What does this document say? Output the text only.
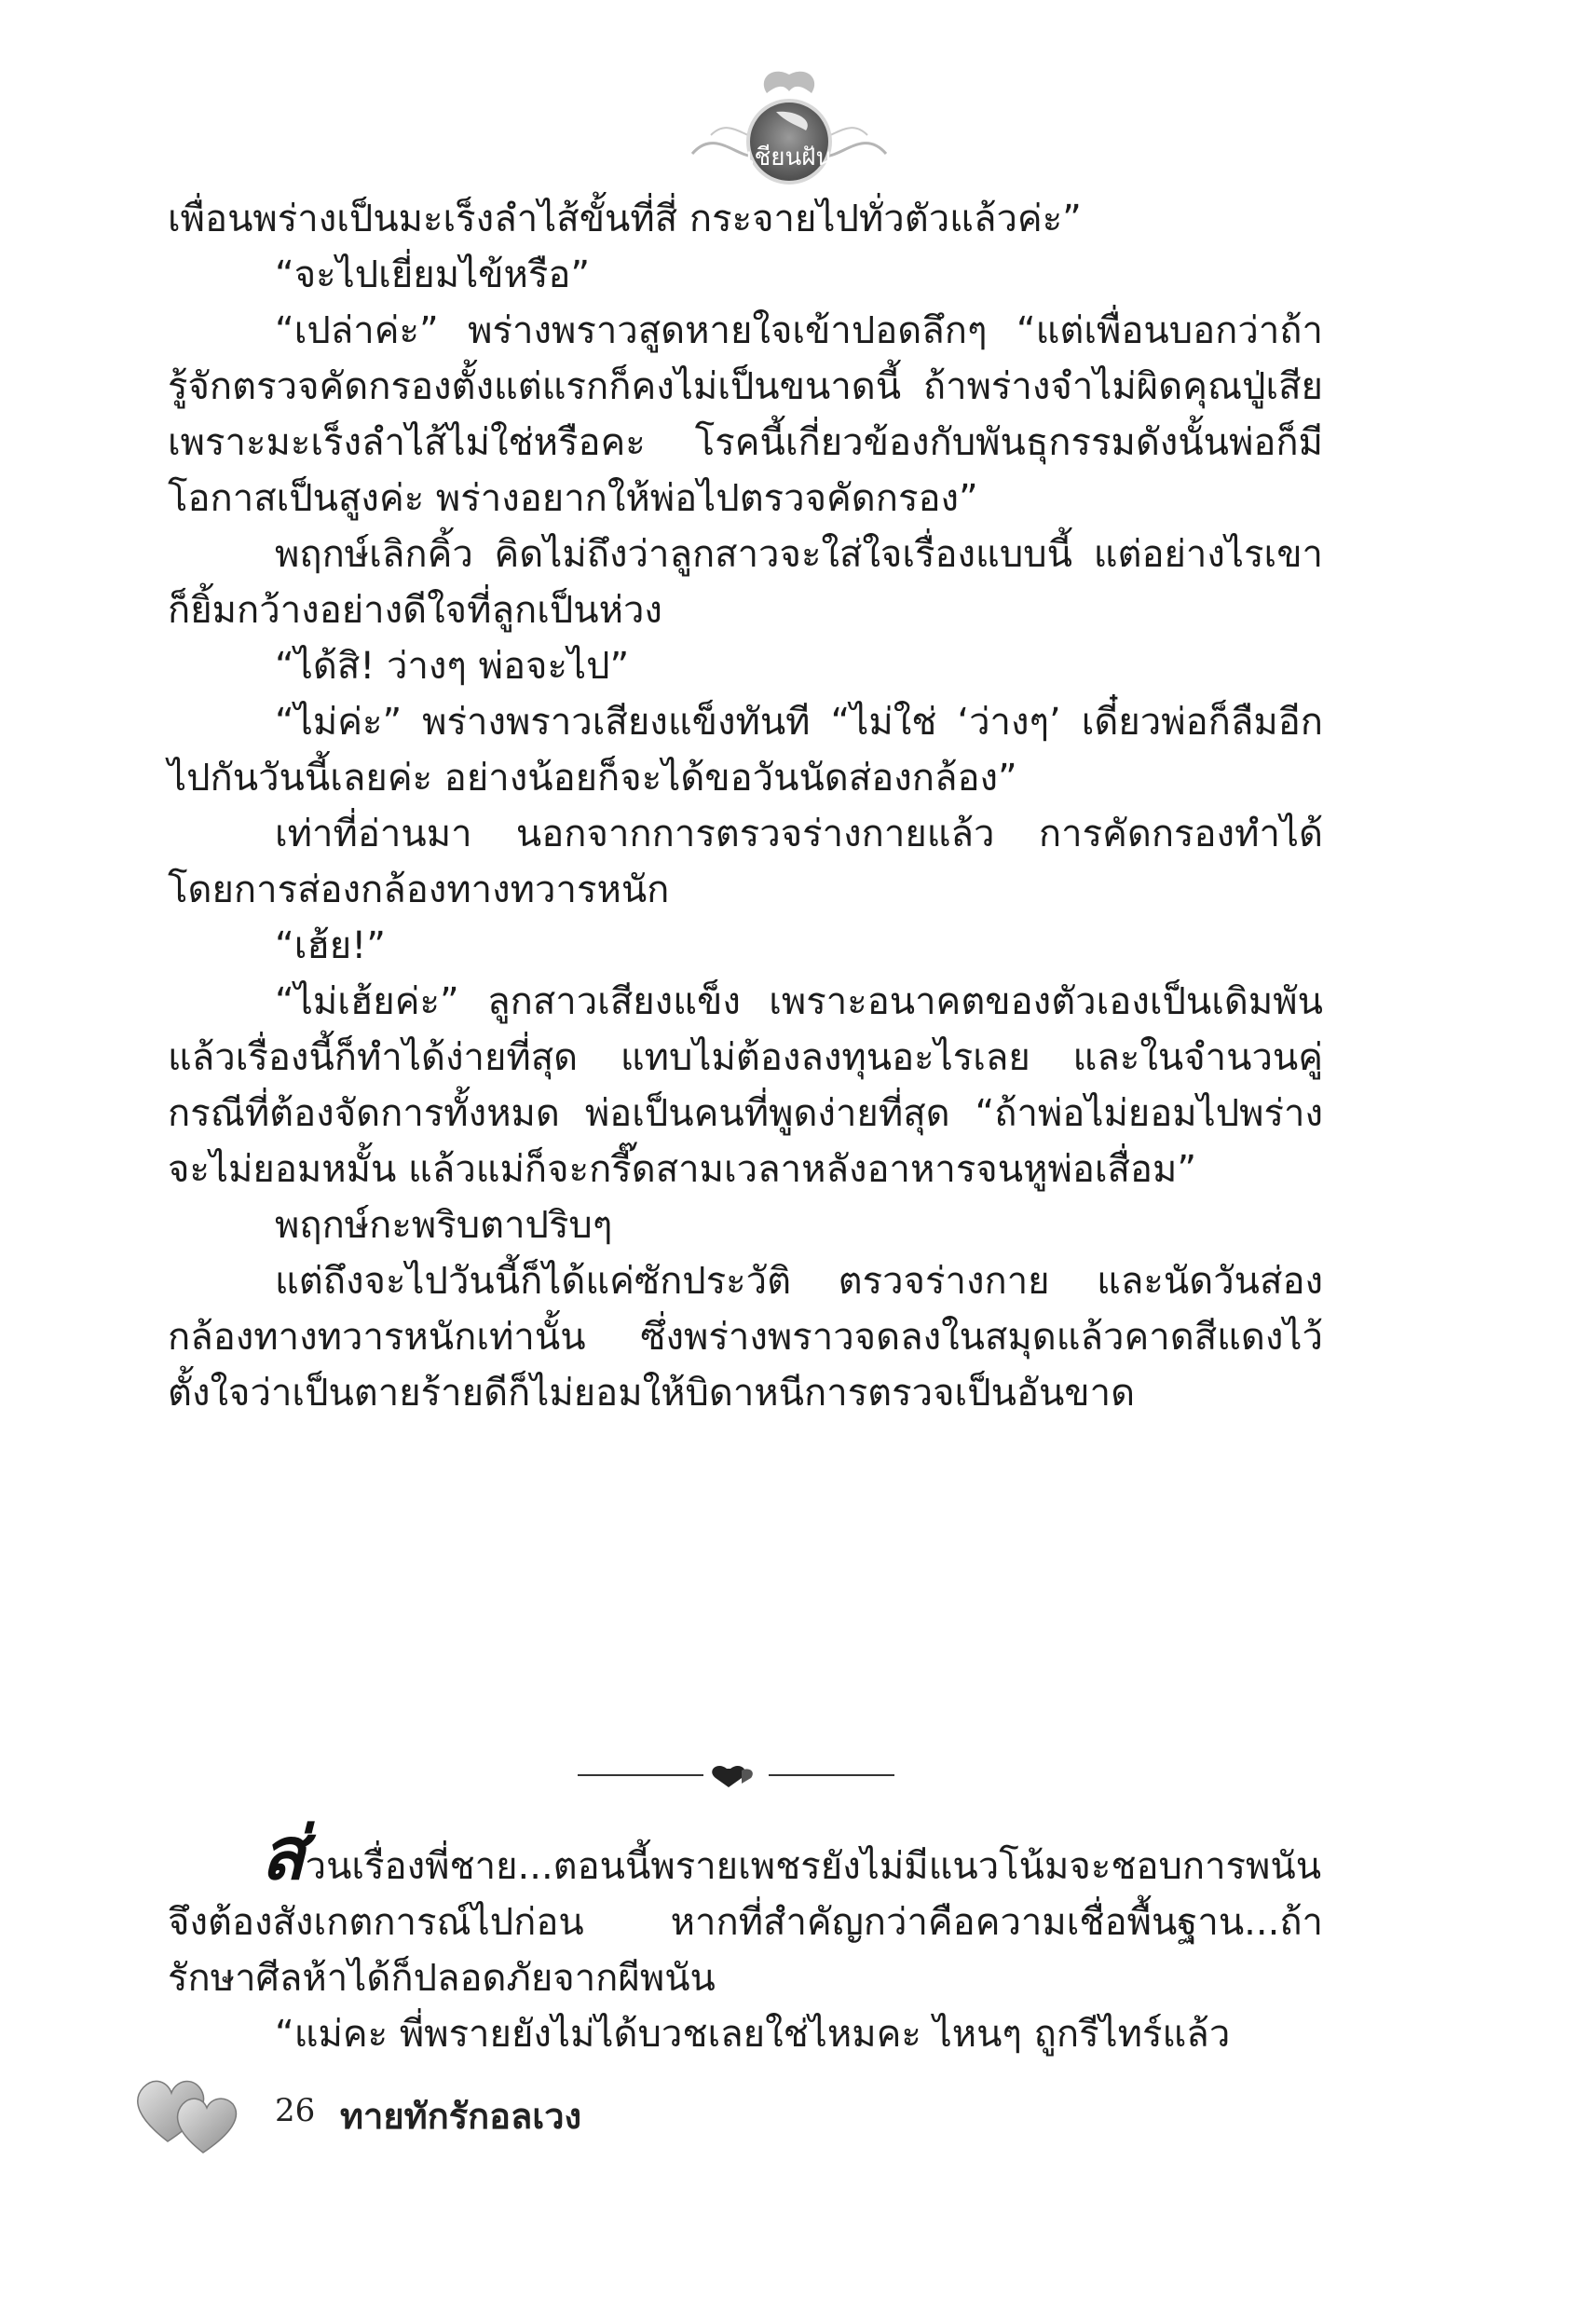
เชียนฝัน

เพื่อนพร่างเป็นมะเร็งลำไส้ขั้นที่สี่ กระจายไปทั่วตัวแล้วค่ะ”

“จะไปเยี่ยมไข้หรือ”

“เปล่าค่ะ” พร่างพราวสูดหายใจเข้าปอดลึกๆ “แต่เพื่อนบอกว่าถ้ารู้จักตรวจคัดกรองตั้งแต่แรกก็คงไม่เป็นขนาดนี้ ถ้าพร่างจำไม่ผิดคุณปู่เสียเพราะมะเร็งลำไส้ไม่ใช่หรือคะ โรคนี้เกี่ยวข้องกับพันธุกรรมดังนั้นพ่อก็มีโอกาสเป็นสูงค่ะ พร่างอยากให้พ่อไปตรวจคัดกรอง”

พฤกษ์เลิกคิ้ว คิดไม่ถึงว่าลูกสาวจะใส่ใจเรื่องแบบนี้ แต่อย่างไรเขาก็ยิ้มกว้างอย่างดีใจที่ลูกเป็นห่วง

“ได้สิ! ว่างๆ พ่อจะไป”

“ไม่ค่ะ” พร่างพราวเสียงแข็งทันที “ไม่ใช่ ‘ว่างๆ’ เดี๋ยวพ่อก็ลืมอีกไปกันวันนี้เลยค่ะ อย่างน้อยก็จะได้ขอวันนัดส่องกล้อง”

เท่าที่อ่านมา นอกจากการตรวจร่างกายแล้ว การคัดกรองทำได้โดยการส่องกล้องทางทวารหนัก

“เฮ้ย!”

“ไม่เฮ้ยค่ะ” ลูกสาวเสียงแข็ง เพราะอนาคตของตัวเองเป็นเดิมพันแล้วเรื่องนี้ก็ทำได้ง่ายที่สุด แทบไม่ต้องลงทุนอะไรเลย และในจำนวนคู่กรณีที่ต้องจัดการทั้งหมด พ่อเป็นคนที่พูดง่ายที่สุด “ถ้าพ่อไม่ยอมไปพร่างจะไม่ยอมหมั้น แล้วแม่ก็จะกรี๊ดสามเวลาหลังอาหารจนหูพ่อเสื่อม”

พฤกษ์กะพริบตาปริบๆ

แต่ถึงจะไปวันนี้ก็ได้แค่ซักประวัติ ตรวจร่างกาย และนัดวันส่องกล้องทางทวารหนักเท่านั้น ซึ่งพร่างพราวจดลงในสมุดแล้วคาดสีแดงไว้ ตั้งใจว่าเป็นตายร้ายดีก็ไม่ยอมให้บิดาหนีการตรวจเป็นอันขาด

ส่วนเรื่องพี่ชาย...ตอนนี้พรายเพชรยังไม่มีแนวโน้มจะชอบการพนัน จึงต้องสังเกตการณ์ไปก่อน หากที่สำคัญกว่าคือความเชื่อพื้นฐาน...ถ้ารักษาศีลห้าได้ก็ปลอดภัยจากผีพนัน

“แม่คะ พี่พรายยังไม่ได้บวชเลยใช่ไหมคะ ไหนๆ ถูกรีไทร์แล้ว

26 ทายทักรักอลเวง
